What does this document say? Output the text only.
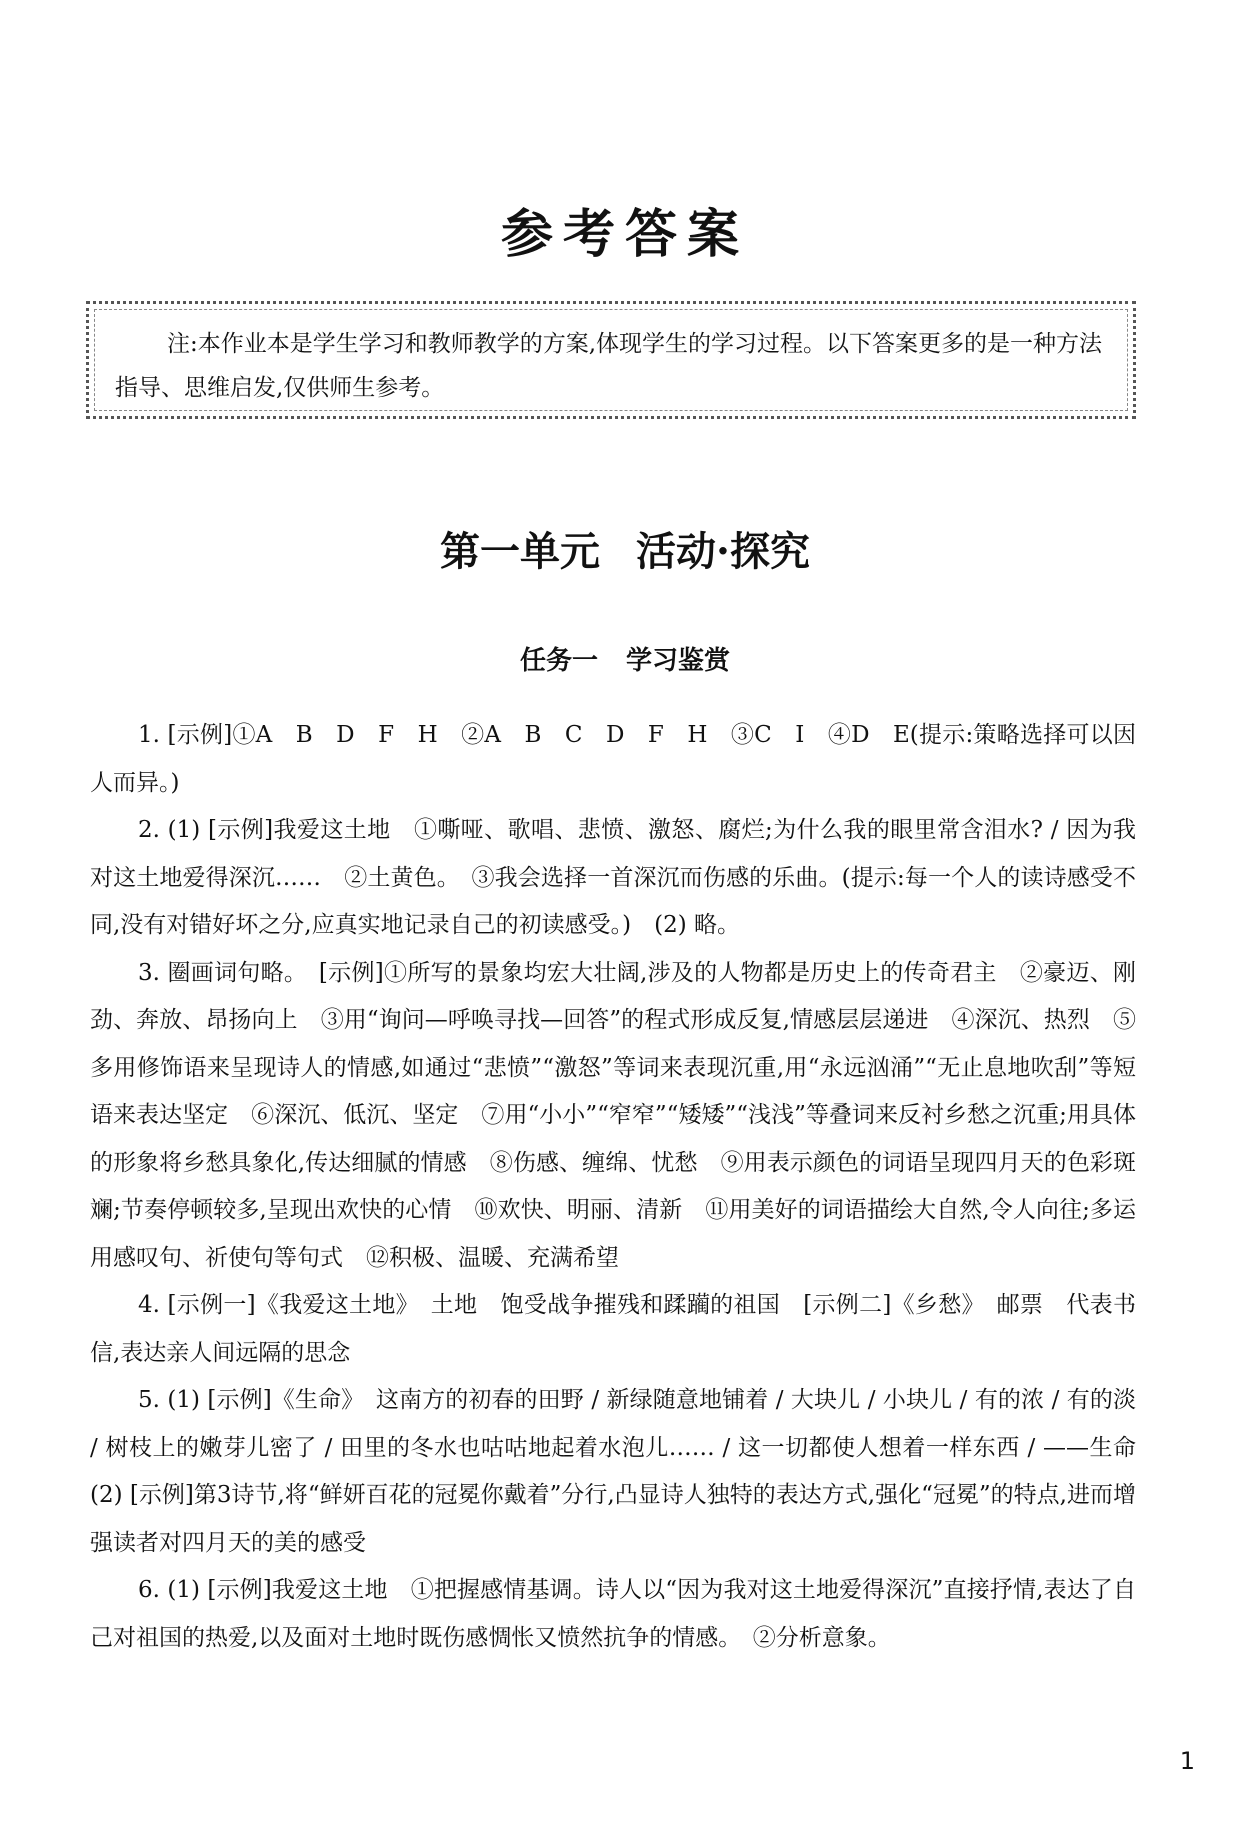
参考答案
注:本作业本是学生学习和教师教学的方案,体现学生的学习过程。以下答案更多的是一种方法指导、思维启发,仅供师生参考。
第一单元 活动·探究
任务一 学习鉴赏

1. [示例]①A　B　D　F　H　②A　B　C　D　F　H　③C　I　④D　E(提示:策略选择可以因人而异。)

2. (1) [示例]我爱这土地　①嘶哑、歌唱、悲愤、激怒、腐烂;为什么我的眼里常含泪水? / 因为我对这土地爱得深沉……　②土黄色。　③我会选择一首深沉而伤感的乐曲。(提示:每一个人的读诗感受不同,没有对错好坏之分,应真实地记录自己的初读感受。)　(2) 略。

3. 圈画词句略。　[示例]①所写的景象均宏大壮阔,涉及的人物都是历史上的传奇君主　②豪迈、刚劲、奔放、昂扬向上　③用“询问—呼唤寻找—回答”的程式形成反复,情感层层递进　④深沉、热烈　⑤多用修饰语来呈现诗人的情感,如通过“悲愤”“激怒”等词来表现沉重,用“永远汹涌”“无止息地吹刮”等短语来表达坚定　⑥深沉、低沉、坚定　⑦用“小小”“窄窄”“矮矮”“浅浅”等叠词来反衬乡愁之沉重;用具体的形象将乡愁具象化,传达细腻的情感　⑧伤感、缠绵、忧愁　⑨用表示颜色的词语呈现四月天的色彩斑斓;节奏停顿较多,呈现出欢快的心情　⑩欢快、明丽、清新　⑪用美好的词语描绘大自然,令人向往;多运用感叹句、祈使句等句式　⑫积极、温暖、充满希望

4. [示例一]《我爱这土地》　土地　饱受战争摧残和蹂躏的祖国　[示例二]《乡愁》　邮票　代表书信,表达亲人间远隔的思念

5. (1) [示例]《生命》　这南方的初春的田野 / 新绿随意地铺着 / 大块儿 / 小块儿 / 有的浓 / 有的淡 / 树枝上的嫩芽儿密了 / 田里的冬水也咕咕地起着水泡儿…… / 这一切都使人想着一样东西 / ——生命　(2) [示例]第3诗节,将“鲜妍百花的冠冕你戴着”分行,凸显诗人独特的表达方式,强化“冠冕”的特点,进而增强读者对四月天的美的感受

6. (1) [示例]我爱这土地　①把握感情基调。诗人以“因为我对这土地爱得深沉”直接抒情,表达了自己对祖国的热爱,以及面对土地时既伤感惆怅又愤然抗争的情感。　②分析意象。

1
